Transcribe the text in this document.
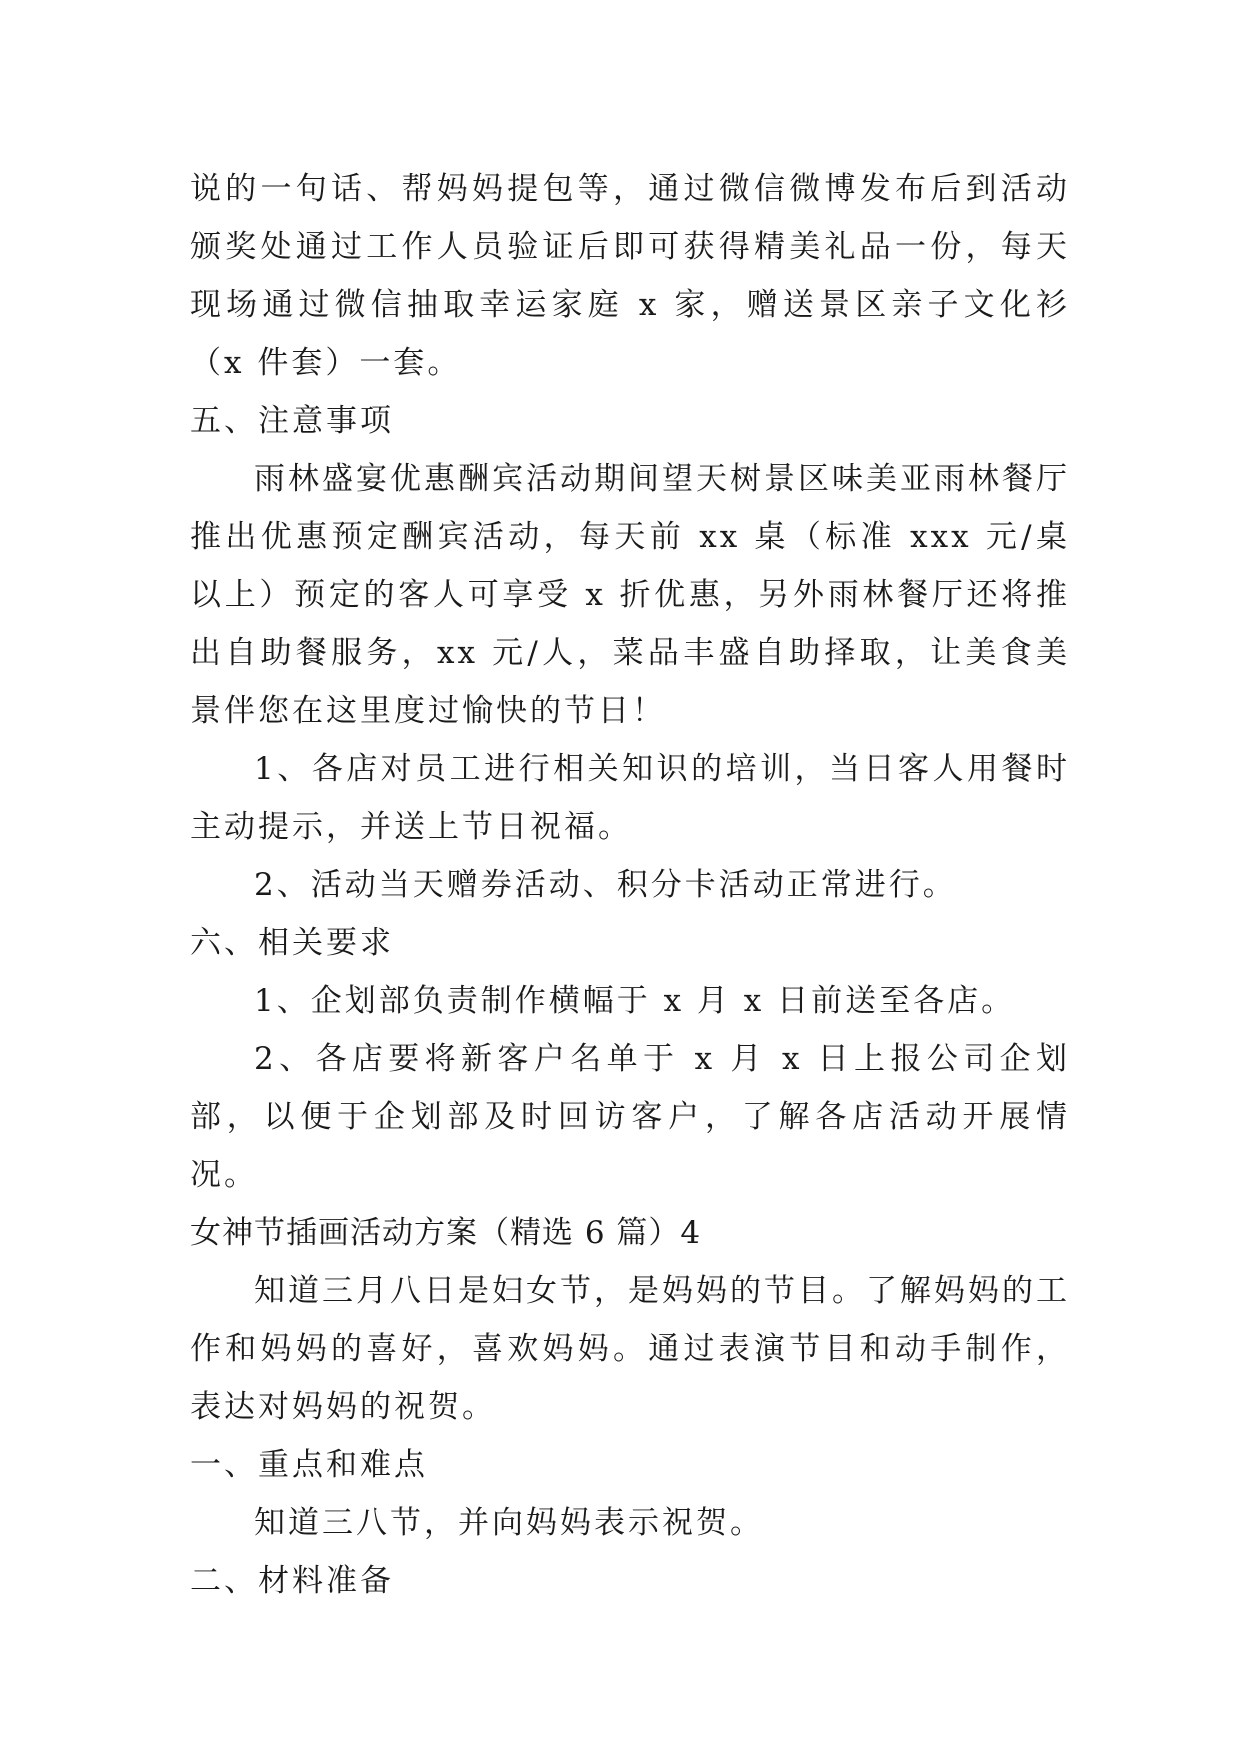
说的一句话、帮妈妈提包等，通过微信微博发布后到活动颁奖处通过工作人员验证后即可获得精美礼品一份，每天现场通过微信抽取幸运家庭 x 家，赠送景区亲子文化衫（x 件套）一套。

五、注意事项

雨林盛宴优惠酬宾活动期间望天树景区味美亚雨林餐厅推出优惠预定酬宾活动，每天前 xx 桌（标准 xxx 元/桌以上）预定的客人可享受 x 折优惠，另外雨林餐厅还将推出自助餐服务，xx 元/人，菜品丰盛自助择取，让美食美景伴您在这里度过愉快的节日！

1、各店对员工进行相关知识的培训，当日客人用餐时主动提示，并送上节日祝福。

2、活动当天赠券活动、积分卡活动正常进行。

六、相关要求

1、企划部负责制作横幅于 x 月 x 日前送至各店。

2、各店要将新客户名单于 x 月 x 日上报公司企划部，以便于企划部及时回访客户，了解各店活动开展情况。

女神节插画活动方案（精选 6 篇）4

知道三月八日是妇女节，是妈妈的节目。了解妈妈的工作和妈妈的喜好，喜欢妈妈。通过表演节目和动手制作，表达对妈妈的祝贺。

一、重点和难点

知道三八节，并向妈妈表示祝贺。

二、材料准备
